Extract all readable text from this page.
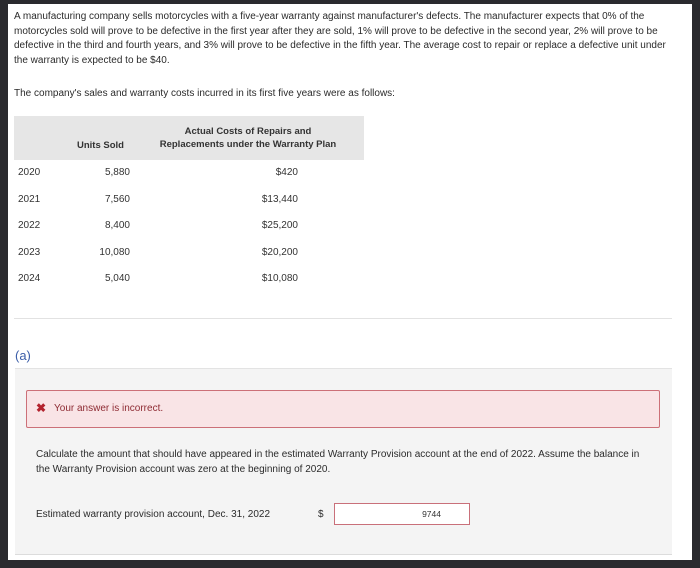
A manufacturing company sells motorcycles with a five-year warranty against manufacturer's defects. The manufacturer expects that 0% of the motorcycles sold will prove to be defective in the first year after they are sold, 1% will prove to be defective in the second year, 2% will prove to be defective in the third and fourth years, and 3% will prove to be defective in the fifth year. The average cost to repair or replace a defective unit under the warranty is expected to be $40.
The company's sales and warranty costs incurred in its first five years were as follows:
Units Sold
Actual Costs of Repairs and
Replacements under the Warranty Plan
2020	5,880	$420
2021	7,560	$13,440
2022	8,400	$25,200
2023	10,080	$20,200
2024	5,040	$10,080
(a)
✖ Your answer is incorrect.
Calculate the amount that should have appeared in the estimated Warranty Provision account at the end of 2022. Assume the balance in the Warranty Provision account was zero at the beginning of 2020.
Estimated warranty provision account, Dec. 31, 2022	$
9744
